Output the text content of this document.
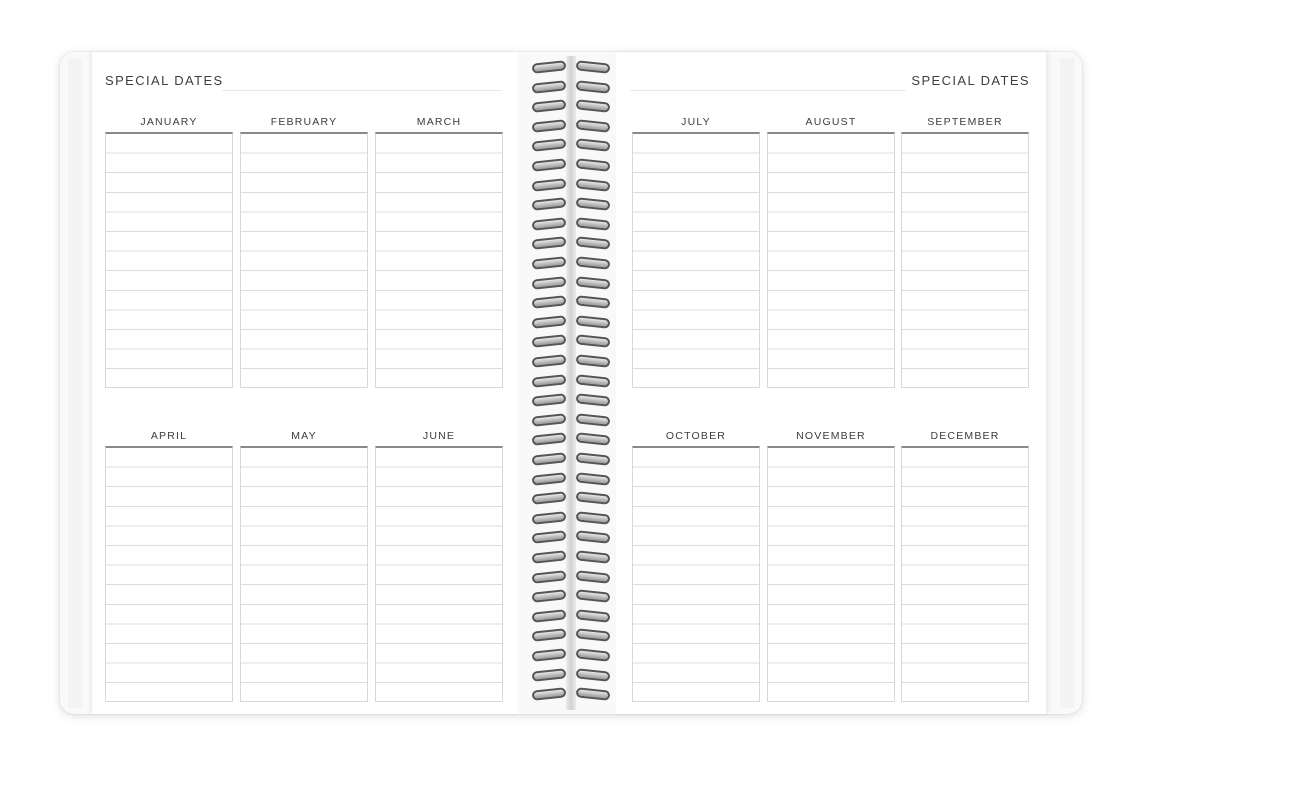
SPECIAL DATES
JANUARY	FEBRUARY	MARCH
APRIL	MAY	JUNE
SPECIAL DATES
JULY	AUGUST	SEPTEMBER
OCTOBER	NOVEMBER	DECEMBER
